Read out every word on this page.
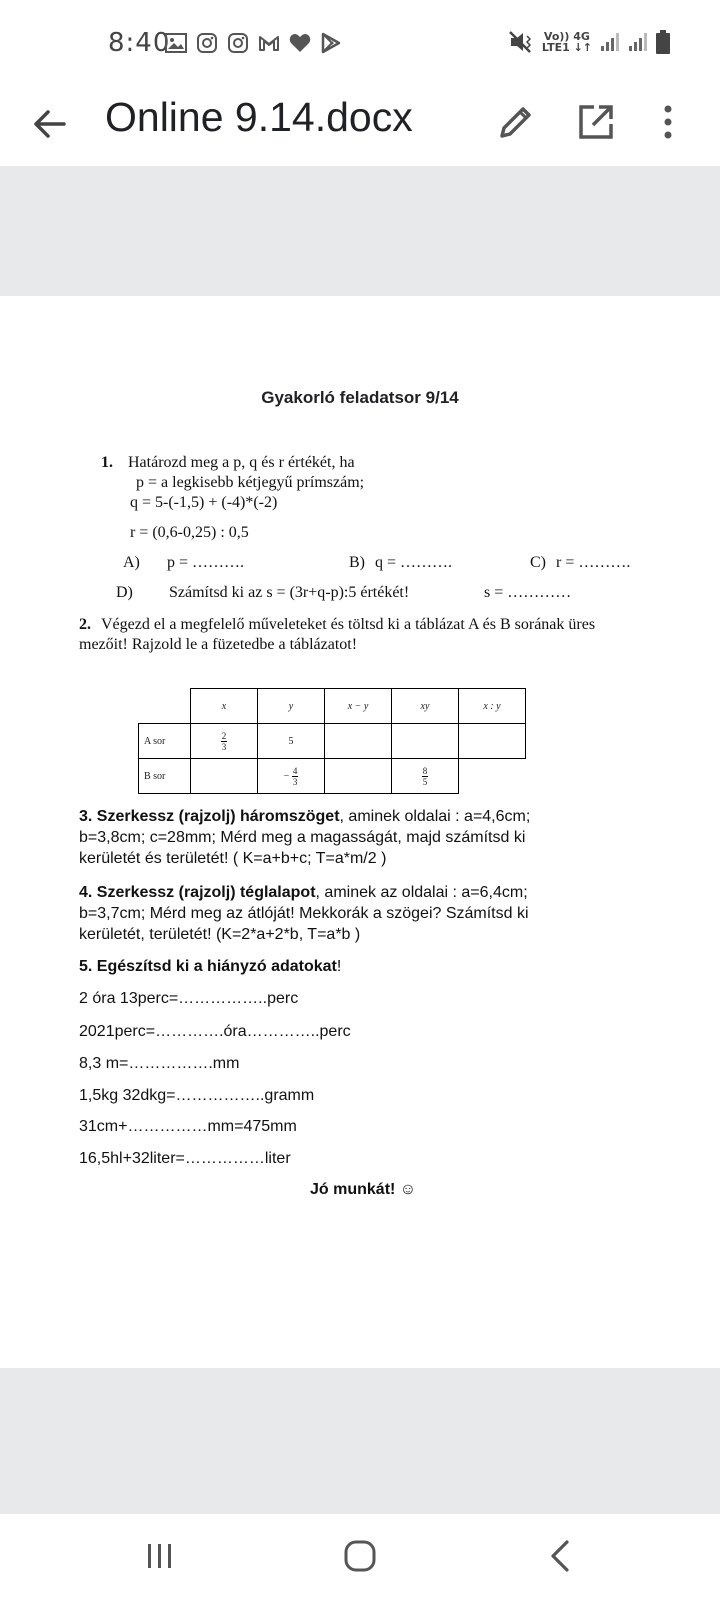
8:40	Vo)) 4G
LTE1 ↓↑
Online 9.14.docx
Gyakorló feladatsor 9/14
1. Határozd meg a p, q és r értékét, ha
p = a legkisebb kétjegyű prímszám;
q = 5-(-1,5) + (-4)*(-2)
r = (0,6-0,25) : 0,5
A) p = ……….	B) q = ……….	C) r = ……….
D) Számítsd ki az s = (3r+q-p):5 értékét!	s = …………
2. Végezd el a megfelelő műveleteket és töltsd ki a táblázat A és B sorának üres
mezőit! Rajzold le a füzetedbe a táblázatot!
	x	y	x − y	xy	x : y
A sor	$\frac{2}{3}$	5			
B sor		− $\frac{4}{3}$		$\frac{8}{5}$

3. Szerkessz (rajzolj) háromszöget, aminek oldalai : a=4,6cm;
b=3,8cm; c=28mm; Mérd meg a magasságát, majd számítsd ki
kerületét és területét! ( K=a+b+c; T=a*m/2 )
4. Szerkessz (rajzolj) téglalapot, aminek az oldalai : a=6,4cm;
b=3,7cm; Mérd meg az átlóját! Mekkorák a szögei? Számítsd ki
kerületét, területét! (K=2*a+2*b, T=a*b )
5. Egészítsd ki a hiányzó adatokat!
2 óra 13perc=……………..perc
2021perc=………….óra…………..perc
8,3 m=…………….mm
1,5kg 32dkg=……………..gramm
31cm+……………mm=475mm
16,5hl+32liter=……………liter
Jó munkát! ☺
